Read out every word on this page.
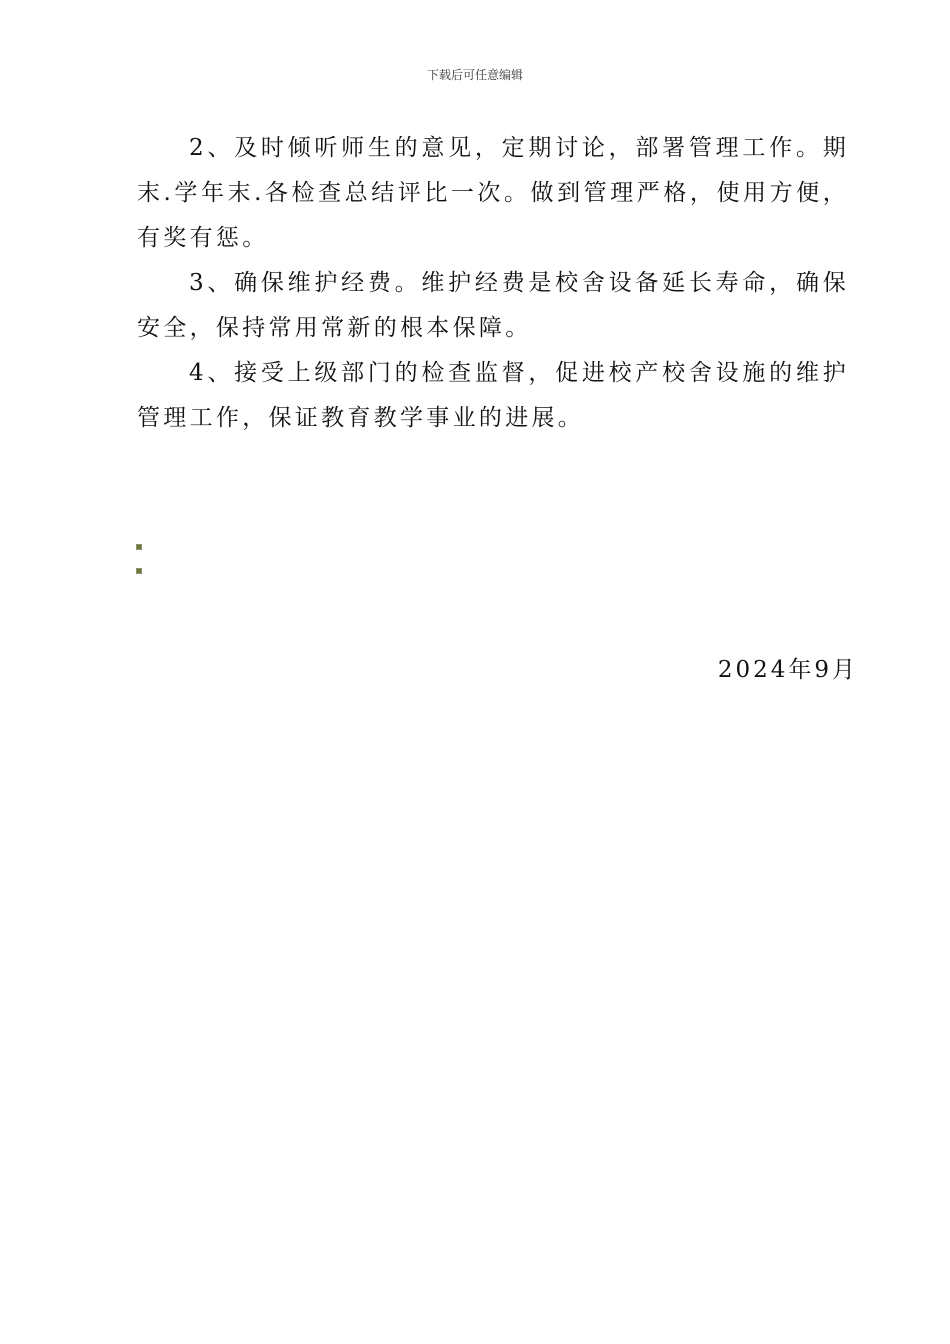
下载后可任意编辑

2、及时倾听师生的意见，定期讨论，部署管理工作。期末.学年末.各检查总结评比一次。做到管理严格，使用方便，有奖有惩。

3、确保维护经费。维护经费是校舍设备延长寿命，确保安全，保持常用常新的根本保障。

4、接受上级部门的检查监督，促进校产校舍设施的维护管理工作，保证教育教学事业的进展。

2024年9月
